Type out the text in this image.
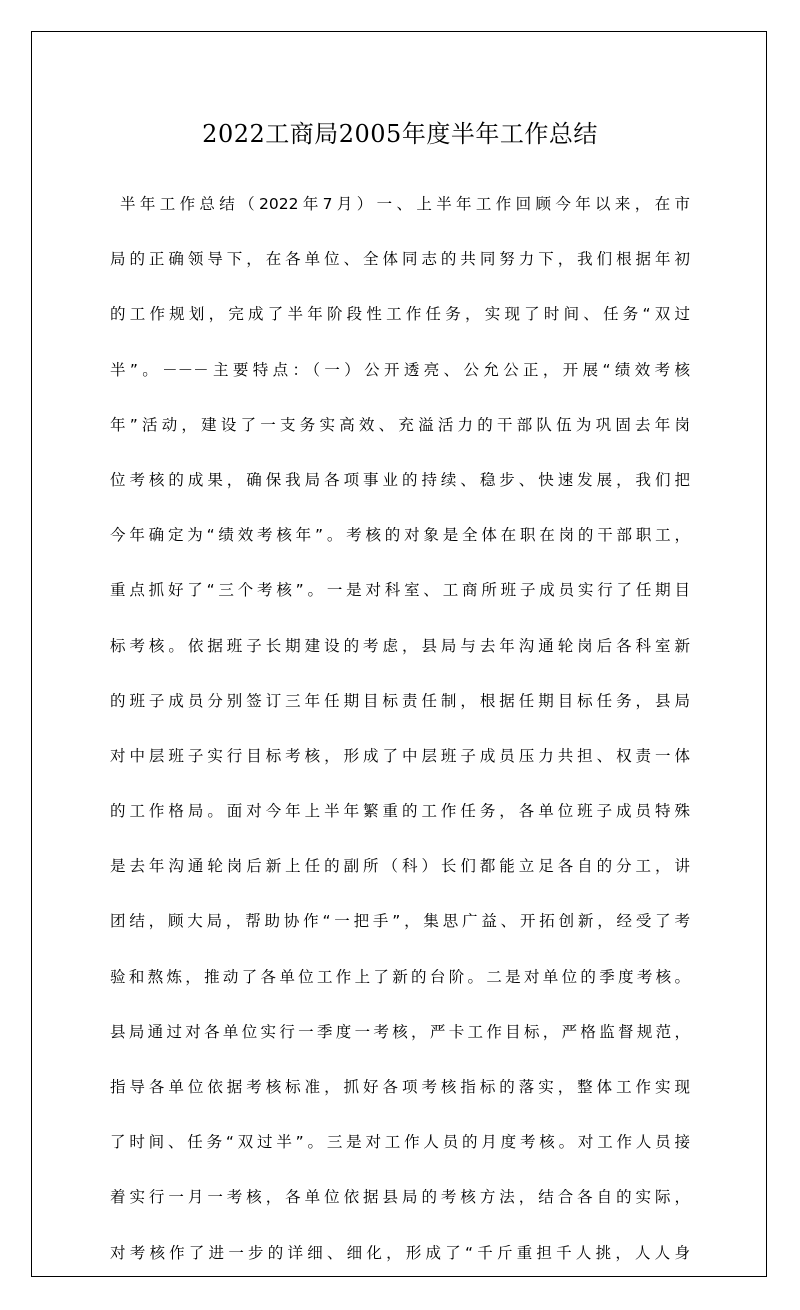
2022工商局2005年度半年工作总结
半年工作总结（2022年7月）一、上半年工作回顾今年以来，在市
局的正确领导下，在各单位、全体同志的共同努力下，我们根据年初
的工作规划，完成了半年阶段性工作任务，实现了时间、任务“双过
半”。－－－主要特点：（一）公开透亮、公允公正，开展“绩效考核
年”活动，建设了一支务实高效、充溢活力的干部队伍为巩固去年岗
位考核的成果，确保我局各项事业的持续、稳步、快速发展，我们把
今年确定为“绩效考核年”。考核的对象是全体在职在岗的干部职工，
重点抓好了“三个考核”。一是对科室、工商所班子成员实行了任期目
标考核。依据班子长期建设的考虑，县局与去年沟通轮岗后各科室新
的班子成员分别签订三年任期目标责任制，根据任期目标任务，县局
对中层班子实行目标考核，形成了中层班子成员压力共担、权责一体
的工作格局。面对今年上半年繁重的工作任务，各单位班子成员特殊
是去年沟通轮岗后新上任的副所（科）长们都能立足各自的分工，讲
团结，顾大局，帮助协作“一把手”，集思广益、开拓创新，经受了考
验和熬炼，推动了各单位工作上了新的台阶。二是对单位的季度考核。
县局通过对各单位实行一季度一考核，严卡工作目标，严格监督规范，
指导各单位依据考核标准，抓好各项考核指标的落实，整体工作实现
了时间、任务“双过半”。三是对工作人员的月度考核。对工作人员接
着实行一月一考核，各单位依据县局的考核方法，结合各自的实际，
对考核作了进一步的详细、细化，形成了“千斤重担千人挑，人人身
